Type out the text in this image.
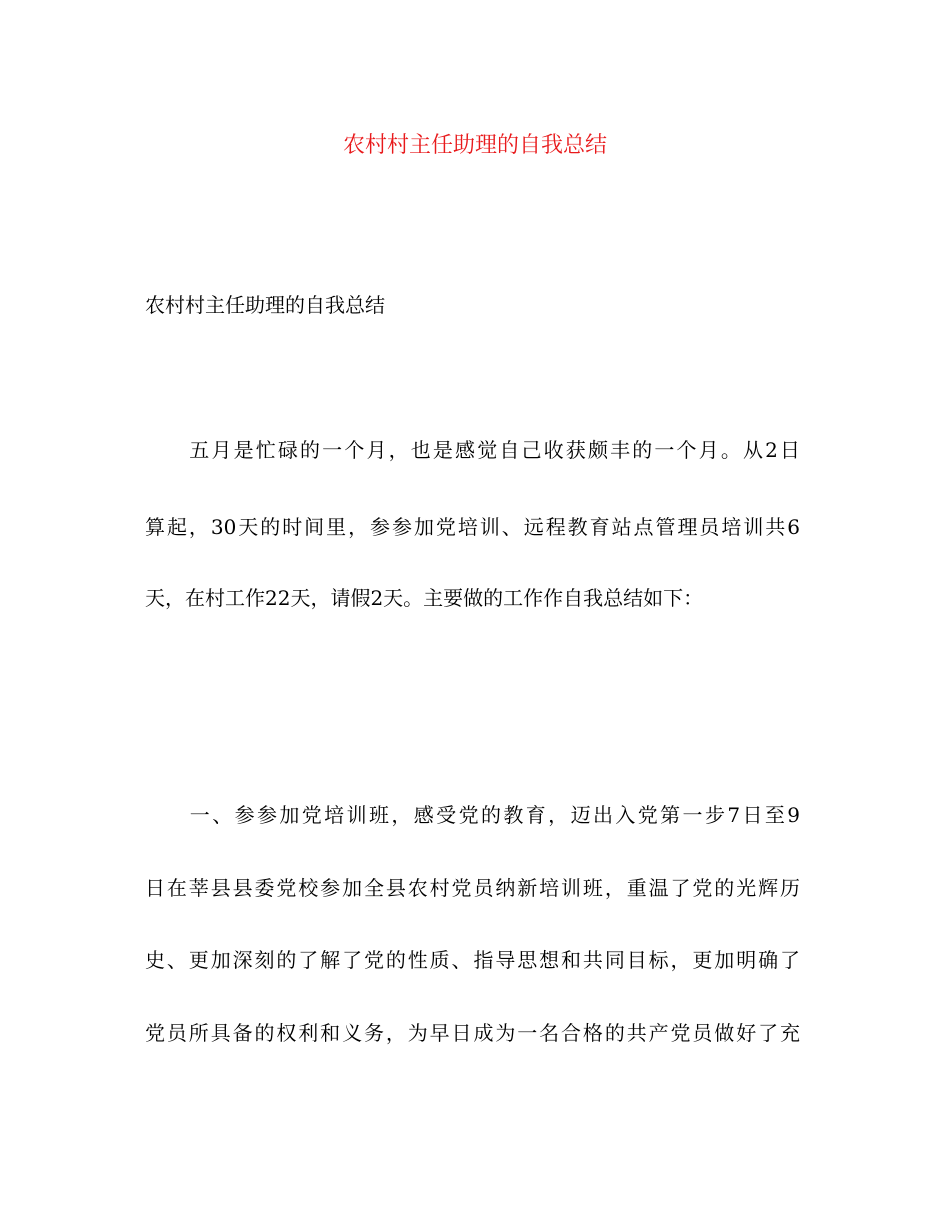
农村村主任助理的自我总结
农村村主任助理的自我总结
　　五月是忙碌的一个月，也是感觉自己收获颇丰的一个月。从2日
算起，30天的时间里，参参加党培训、远程教育站点管理员培训共6
天，在村工作22天，请假2天。主要做的工作作自我总结如下：
　　一、参参加党培训班，感受党的教育，迈出入党第一步7日至9
日在莘县县委党校参加全县农村党员纳新培训班，重温了党的光辉历
史、更加深刻的了解了党的性质、指导思想和共同目标，更加明确了
党员所具备的权利和义务，为早日成为一名合格的共产党员做好了充
